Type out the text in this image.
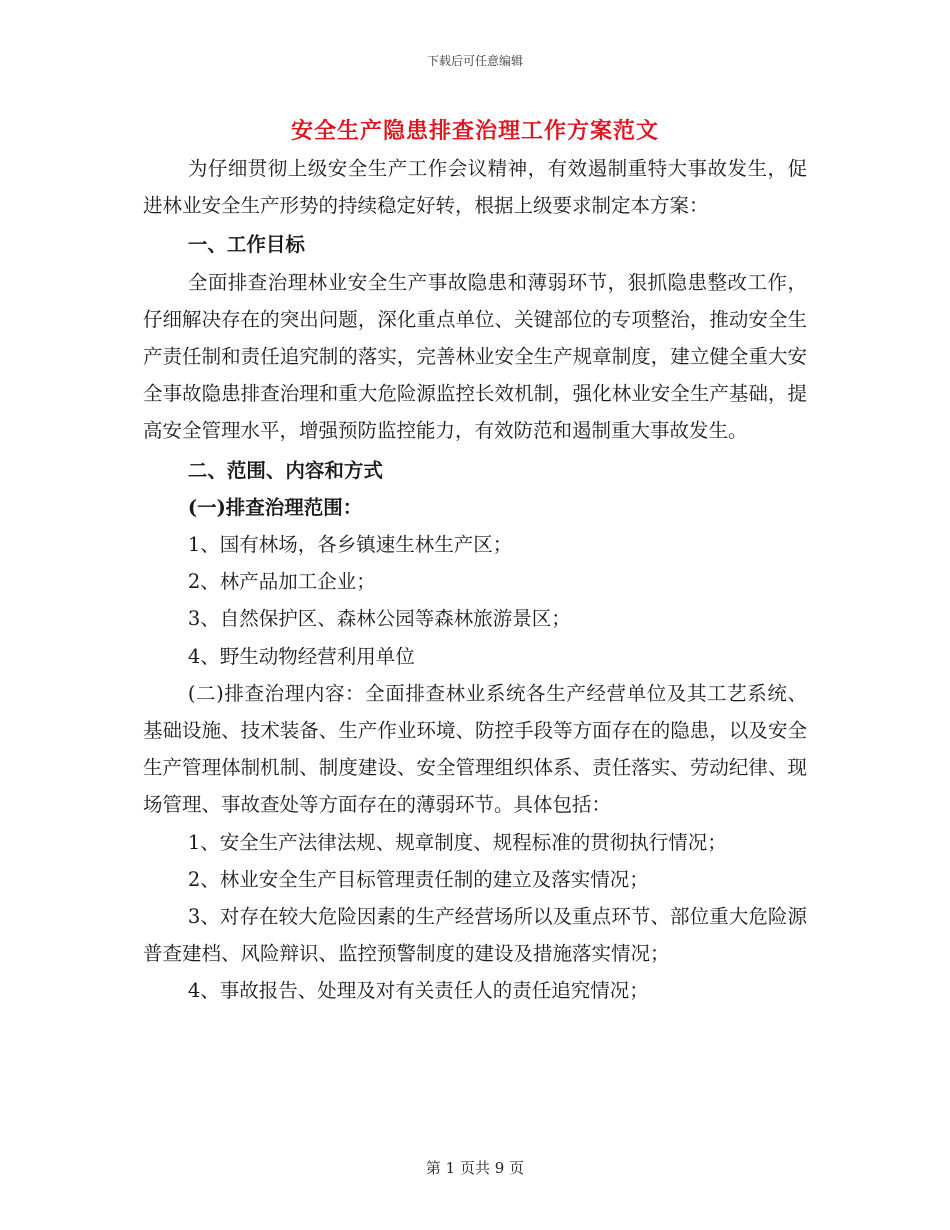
下载后可任意编辑
安全生产隐患排查治理工作方案范文

为仔细贯彻上级安全生产工作会议精神，有效遏制重特大事故发生，促进林业安全生产形势的持续稳定好转，根据上级要求制定本方案：

一、工作目标

全面排查治理林业安全生产事故隐患和薄弱环节，狠抓隐患整改工作，仔细解决存在的突出问题，深化重点单位、关键部位的专项整治，推动安全生产责任制和责任追究制的落实，完善林业安全生产规章制度，建立健全重大安全事故隐患排查治理和重大危险源监控长效机制，强化林业安全生产基础，提高安全管理水平，增强预防监控能力，有效防范和遏制重大事故发生。

二、范围、内容和方式

(一)排查治理范围：

1、国有林场，各乡镇速生林生产区；

2、林产品加工企业；

3、自然保护区、森林公园等森林旅游景区；

4、野生动物经营利用单位

(二)排查治理内容：全面排查林业系统各生产经营单位及其工艺系统、基础设施、技术装备、生产作业环境、防控手段等方面存在的隐患，以及安全生产管理体制机制、制度建设、安全管理组织体系、责任落实、劳动纪律、现场管理、事故查处等方面存在的薄弱环节。具体包括：

1、安全生产法律法规、规章制度、规程标准的贯彻执行情况；

2、林业安全生产目标管理责任制的建立及落实情况；

3、对存在较大危险因素的生产经营场所以及重点环节、部位重大危险源普查建档、风险辩识、监控预警制度的建设及措施落实情况；

4、事故报告、处理及对有关责任人的责任追究情况；

第 1 页共 9 页
